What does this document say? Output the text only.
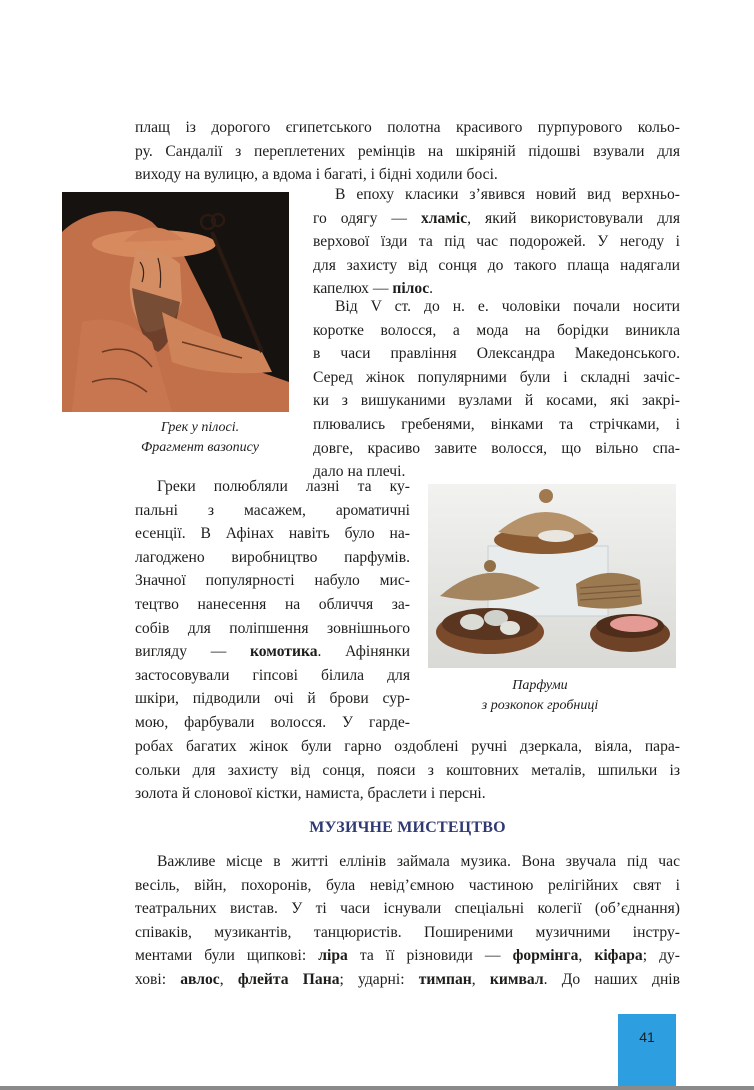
плащ із дорогого єгипетського полотна красивого пурпурового кольо-
ру. Сандалії з переплетених ремінців на шкіряній підошві взували для
виходу на вулицю, а вдома і багаті, і бідні ходили босі.
Грек у пілосі.
Фрагмент вазопису
В епоху класики з’явився новий вид верхньо-
го одягу — хламіс, який використовували для
верхової їзди та під час подорожей. У негоду і
для захисту від сонця до такого плаща надягали
капелюх — пілос.
Від V ст. до н. е. чоловіки почали носити
коротке волосся, а мода на борідки виникла
в часи правління Олександра Македонського.
Серед жінок популярними були і складні зачіс-
ки з вишуканими вузлами й косами, які закрі-
плювались гребенями, вінками та стрічками, і
довге, красиво завите волосся, що вільно спа-
дало на плечі.
Парфуми
з розкопок гробниці
Греки полюбляли лазні та ку-
пальні з масажем, ароматичні
есенції. В Афінах навіть було на-
лагоджено виробництво парфумів.
Значної популярності набуло мис-
тецтво нанесення на обличчя за-
собів для поліпшення зовнішнього
вигляду — комотика. Афінянки
застосовували гіпсові білила для
шкіри, підводили очі й брови сур-
мою, фарбували волосся. У гарде-
робах багатих жінок були гарно оздоблені ручні дзеркала, віяла, пара-
сольки для захисту від сонця, пояси з коштовних металів, шпильки із
золота й слонової кістки, намиста, браслети і персні.
МУЗИЧНЕ МИСТЕЦТВО
Важливе місце в житті еллінів займала музика. Вона звучала під час
весіль, війн, похоронів, була невід’ємною частиною релігійних свят і
театральних вистав. У ті часи існували спеціальні колегії (об’єднання)
співаків, музикантів, танцюристів. Поширеними музичними інстру-
ментами були щипкові: ліра та її різновиди — формінга, кіфара; ду-
хові: авлос, флейта Пана; ударні: тимпан, кимвал. До наших днів
41
